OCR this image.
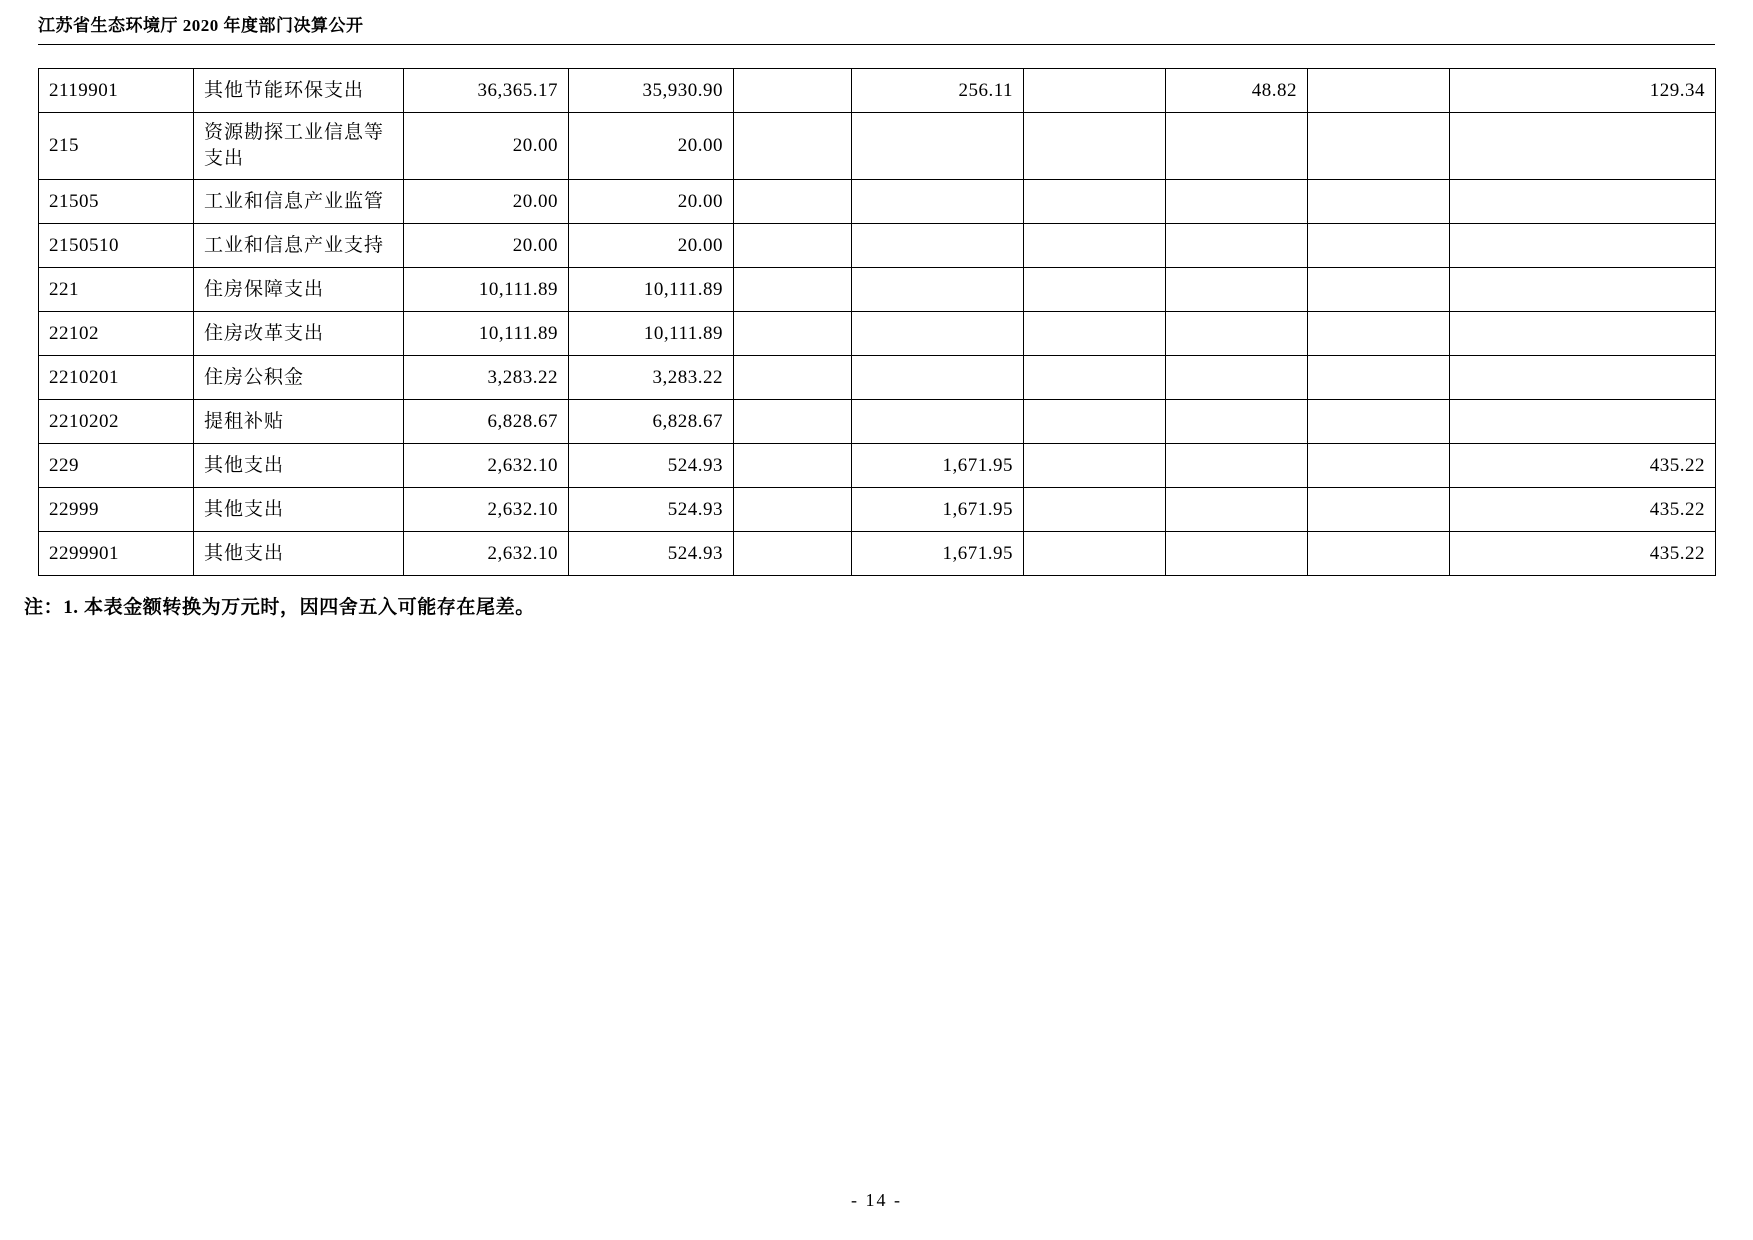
江苏省生态环境厅 2020 年度部门决算公开
2119901	其他节能环保支出	36,365.17	35,930.90		256.11		48.82		129.34
215	资源勘探工业信息等支出	20.00	20.00						
21505	工业和信息产业监管	20.00	20.00						
2150510	工业和信息产业支持	20.00	20.00						
221	住房保障支出	10,111.89	10,111.89						
22102	住房改革支出	10,111.89	10,111.89						
2210201	住房公积金	3,283.22	3,283.22						
2210202	提租补贴	6,828.67	6,828.67						
229	其他支出	2,632.10	524.93		1,671.95				435.22
22999	其他支出	2,632.10	524.93		1,671.95				435.22
2299901	其他支出	2,632.10	524.93		1,671.95				435.22
注：1. 本表金额转换为万元时，因四舍五入可能存在尾差。
- 14 -
